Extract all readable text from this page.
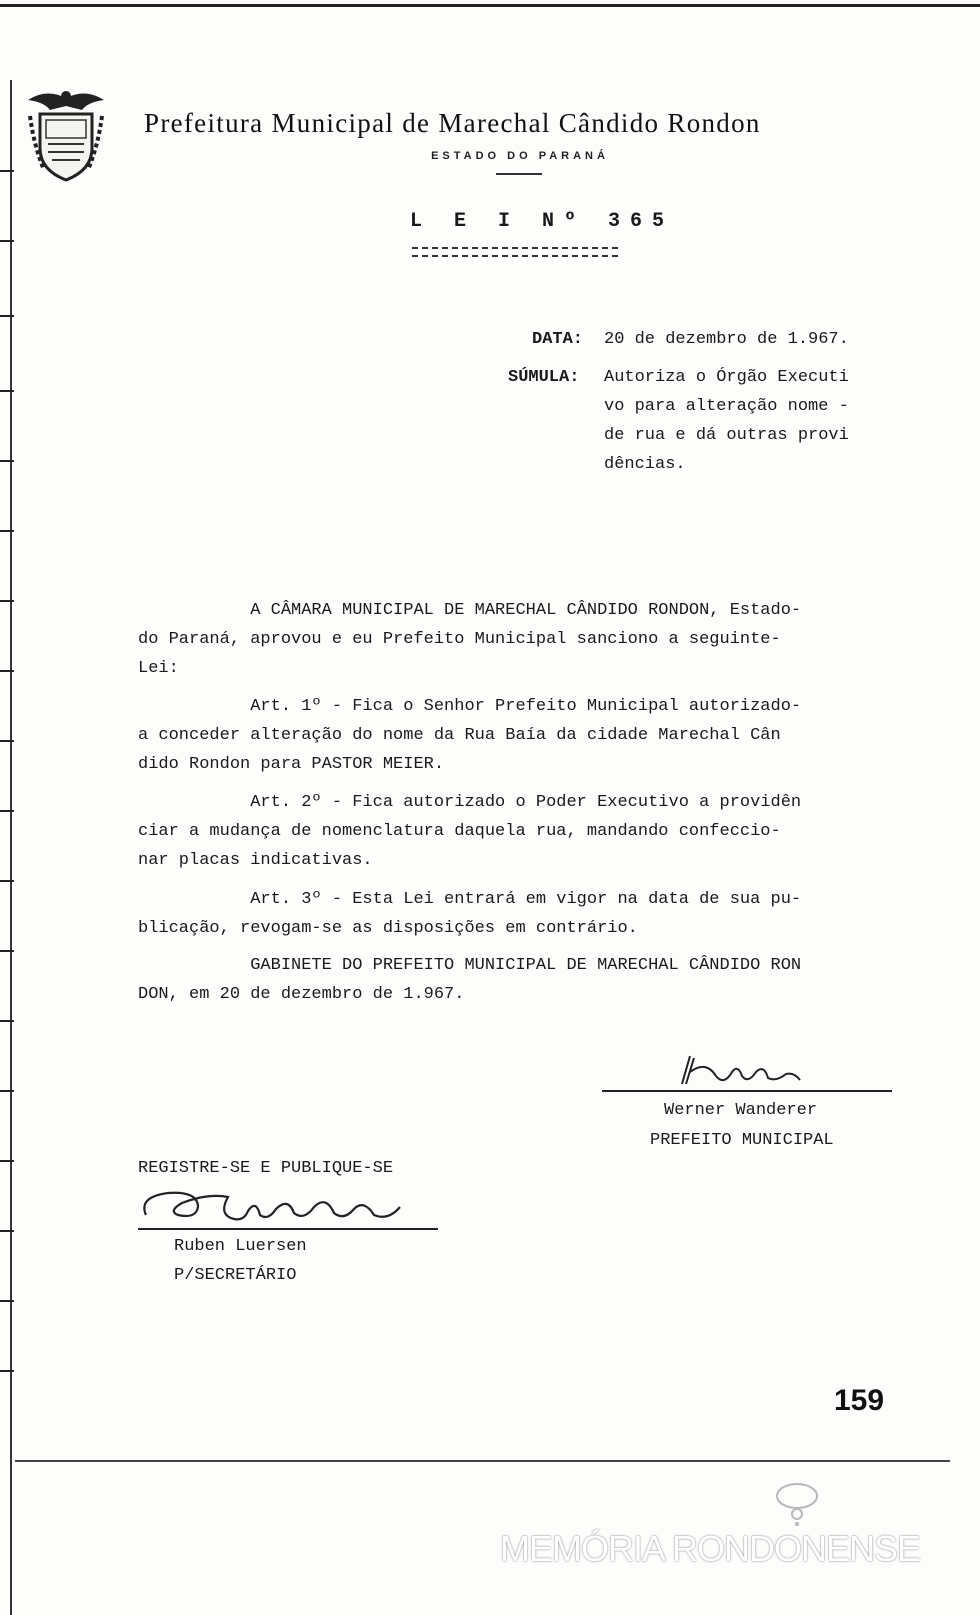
Prefeitura Municipal de Marechal Cândido Rondon
ESTADO DO PARANÁ
L E I Nº 365
DATA: 20 de dezembro de 1.967.
SÚMULA: Autoriza o Órgão Executi
vo para alteração nome -
de rua e dá outras provi
dências.
A CÂMARA MUNICIPAL DE MARECHAL CÂNDIDO RONDON, Estado-
do Paraná, aprovou e eu Prefeito Municipal sanciono a seguinte-
Lei:
Art. 1º - Fica o Senhor Prefeito Municipal autorizado-
a conceder alteração do nome da Rua Baía da cidade Marechal Cân
dido Rondon para PASTOR MEIER.
Art. 2º - Fica autorizado o Poder Executivo a providên
ciar a mudança de nomenclatura daquela rua, mandando confeccio-
nar placas indicativas.
Art. 3º - Esta Lei entrará em vigor na data de sua pu-
blicação, revogam-se as disposições em contrário.
GABINETE DO PREFEITO MUNICIPAL DE MARECHAL CÂNDIDO RON
DON, em 20 de dezembro de 1.967.
Werner Wanderer
PREFEITO MUNICIPAL
REGISTRE-SE E PUBLIQUE-SE
Ruben Luersen
P/SECRETÁRIO
159
MEMÓRIA RONDONENSE
